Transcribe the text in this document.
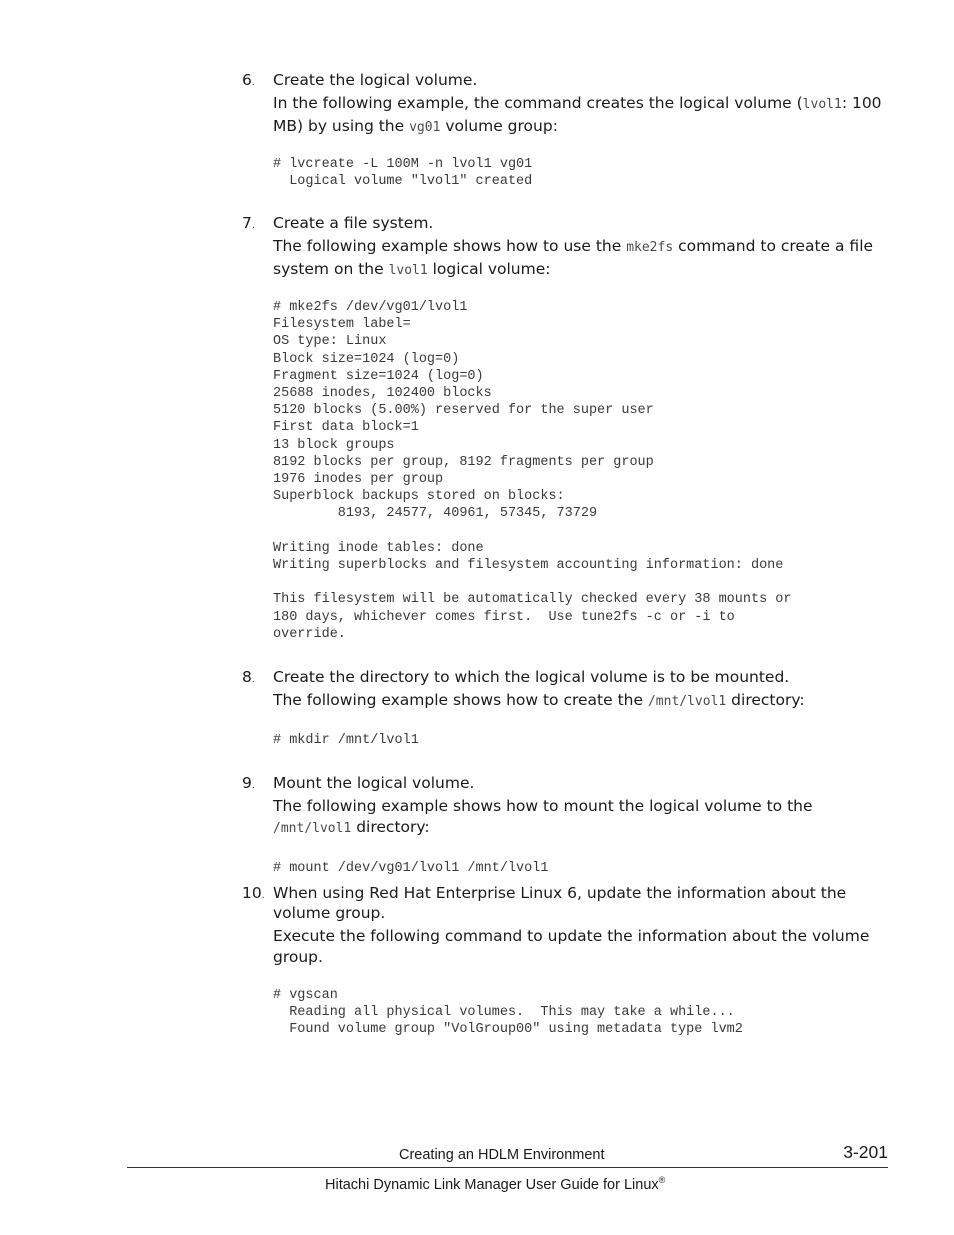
6. Create the logical volume.

In the following example, the command creates the logical volume (lvol1: 100 MB) by using the vg01 volume group:

# lvcreate -L 100M -n lvol1 vg01
Logical volume "lvol1" created
7. Create a file system.

The following example shows how to use the mke2fs command to create a file system on the lvol1 logical volume:

# mke2fs /dev/vg01/lvol1
Filesystem label=
OS type: Linux
Block size=1024 (log=0)
Fragment size=1024 (log=0)
25688 inodes, 102400 blocks
5120 blocks (5.00%) reserved for the super user
First data block=1
13 block groups
8192 blocks per group, 8192 fragments per group
1976 inodes per group
Superblock backups stored on blocks:
8193, 24577, 40961, 57345, 73729

Writing inode tables: done
Writing superblocks and filesystem accounting information: done

This filesystem will be automatically checked every 38 mounts or
180 days, whichever comes first.  Use tune2fs -c or -i to
override.
8. Create the directory to which the logical volume is to be mounted.

The following example shows how to create the /mnt/lvol1 directory:

# mkdir /mnt/lvol1
9. Mount the logical volume.

The following example shows how to mount the logical volume to the /mnt/lvol1 directory:

# mount /dev/vg01/lvol1 /mnt/lvol1
10. When using Red Hat Enterprise Linux 6, update the information about the volume group.

Execute the following command to update the information about the volume group.

# vgscan
Reading all physical volumes.  This may take a while...
Found volume group "VolGroup00" using metadata type lvm2
Creating an HDLM Environment	3-201
Hitachi Dynamic Link Manager User Guide for Linux®
